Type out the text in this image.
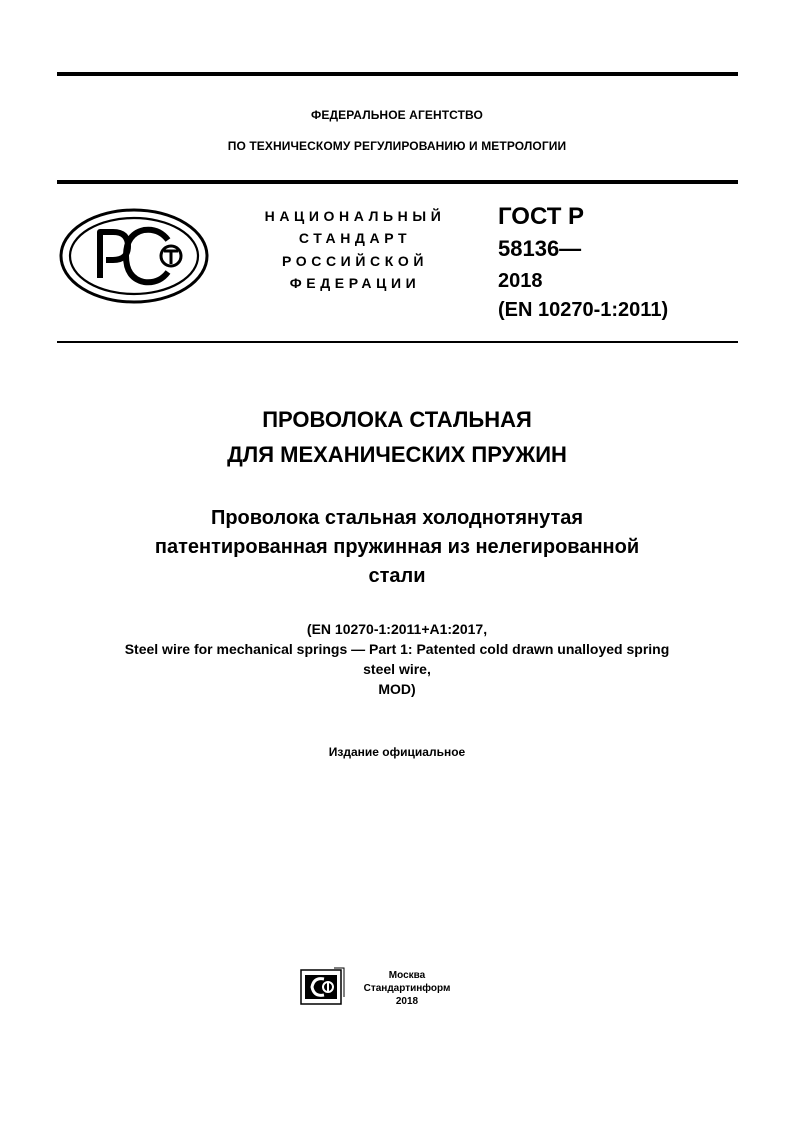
ФЕДЕРАЛЬНОЕ АГЕНТСТВО
ПО ТЕХНИЧЕСКОМУ РЕГУЛИРОВАНИЮ И МЕТРОЛОГИИ
НАЦИОНАЛЬНЫЙ
СТАНДАРТ
РОССИЙСКОЙ
ФЕДЕРАЦИИ
ГОСТ Р
58136—
2018
(EN 10270-1:2011)
ПРОВОЛОКА СТАЛЬНАЯ
ДЛЯ МЕХАНИЧЕСКИХ ПРУЖИН
Проволока стальная холоднотянутая
патентированная пружинная из нелегированной
стали
(EN 10270-1:2011+A1:2017,
Steel wire for mechanical springs — Part 1: Patented cold drawn unalloyed spring
steel wire,
MOD)
Издание официальное
Москва
Стандартинформ
2018
